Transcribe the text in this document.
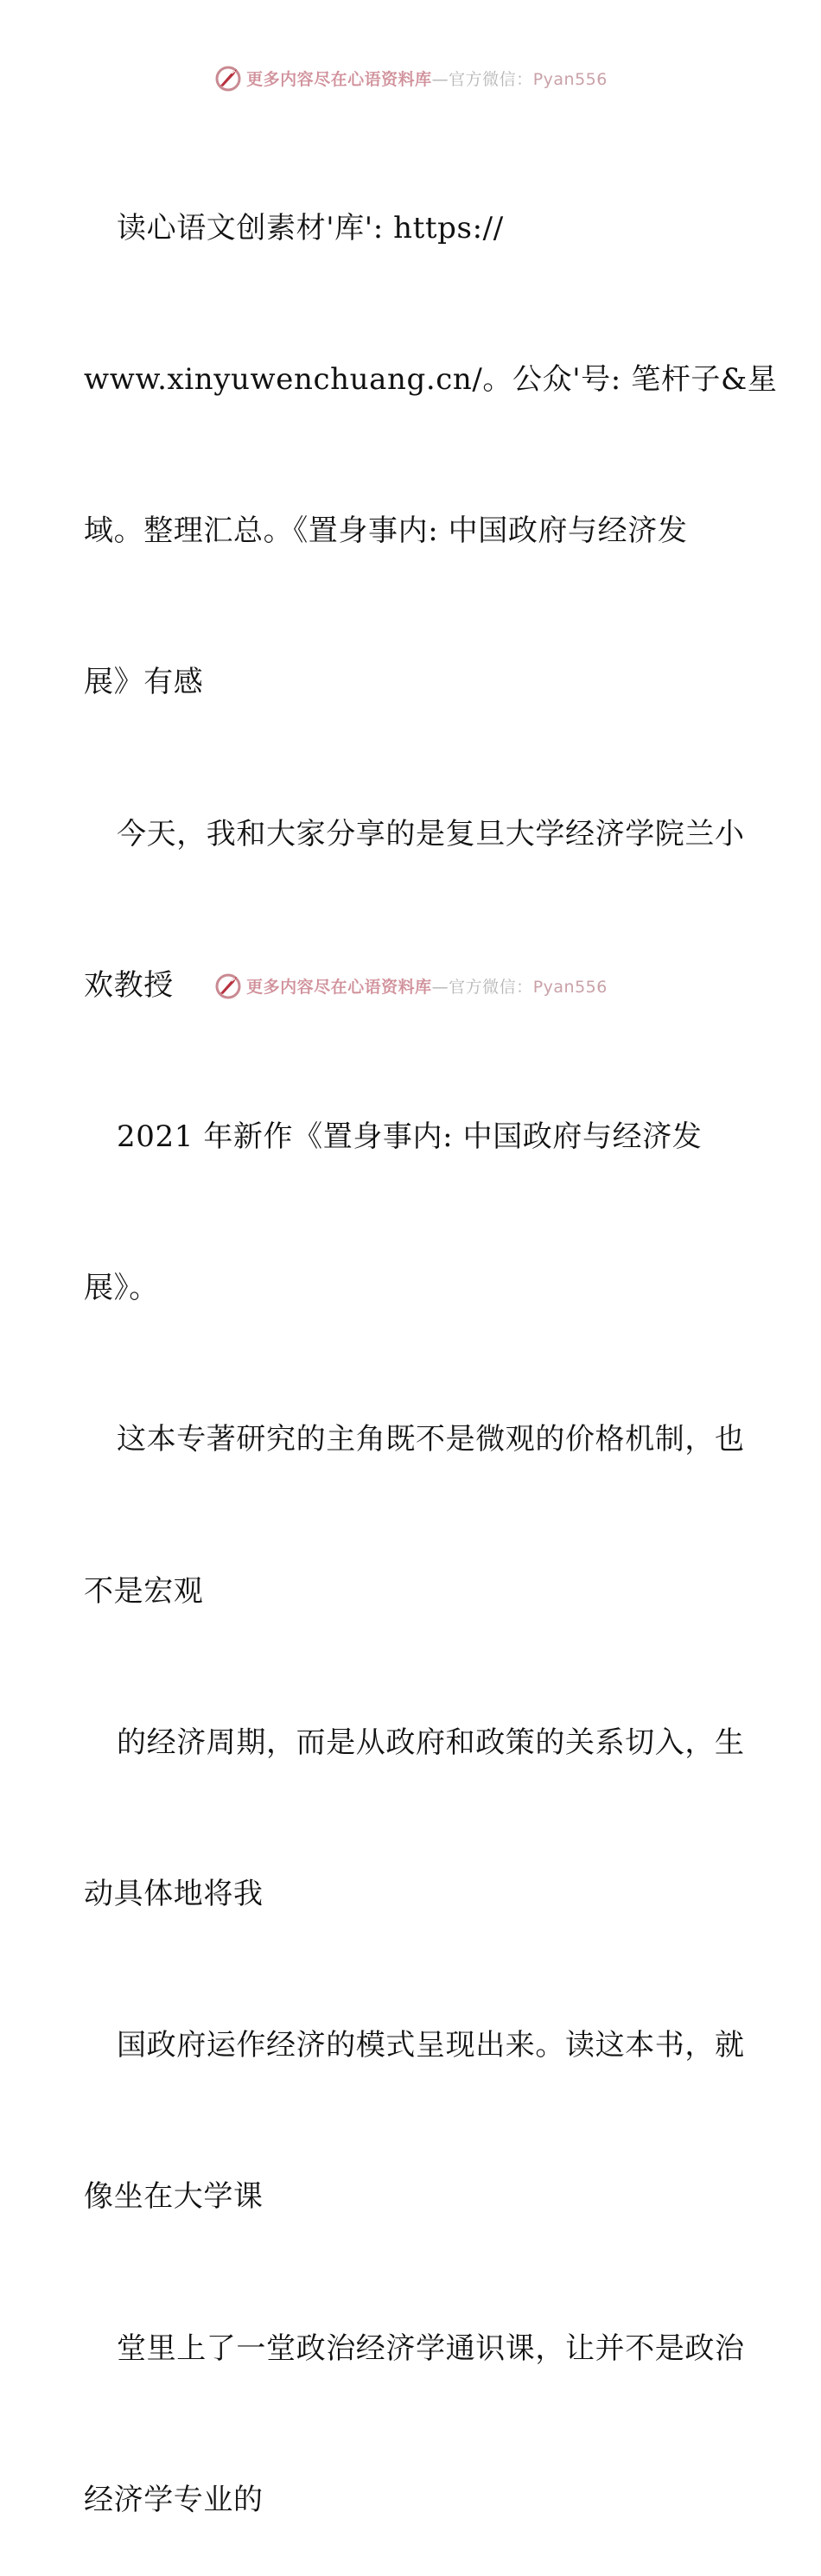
更多内容尽在心语资料库—官方微信：Pyan556

读心语文创素材'库': https://

www.xinyuwenchuang.cn/。公众'号: 笔杆子&星

域。整理汇总。《置身事内: 中国政府与经济发

展》有感

今天，我和大家分享的是复旦大学经济学院兰小

欢教授

2021 年新作《置身事内: 中国政府与经济发

展》。

这本专著研究的主角既不是微观的价格机制，也

不是宏观

的经济周期，而是从政府和政策的关系切入，生

动具体地将我

国政府运作经济的模式呈现出来。读这本书，就

像坐在大学课

堂里上了一堂政治经济学通识课，让并不是政治

经济学专业的

更多内容尽在心语资料库—官方微信：Pyan556
